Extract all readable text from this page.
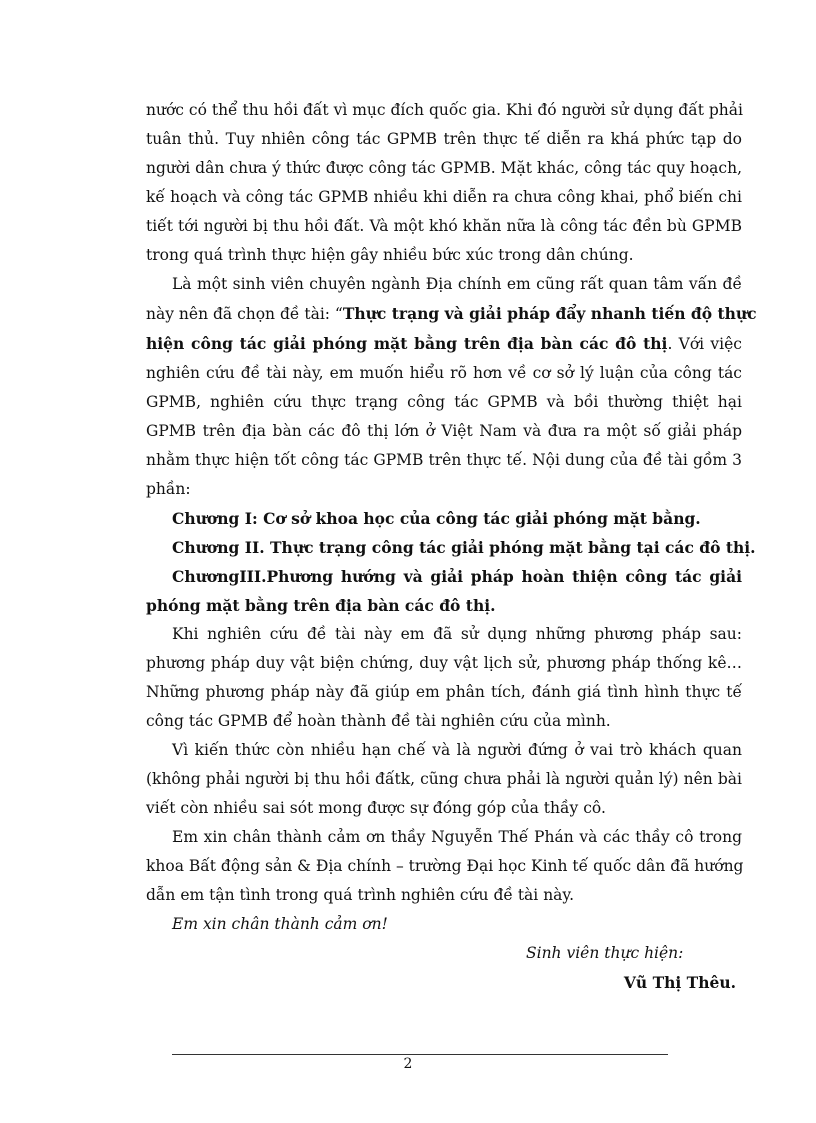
nước có thể thu hồi đất vì mục đích quốc gia. Khi đó người sử dụng đất phải
tuân thủ. Tuy nhiên công tác GPMB trên thực tế diễn ra khá phức tạp do
người dân chưa ý thức được công tác GPMB. Mặt khác, công tác quy hoạch,
kế hoạch và công tác GPMB nhiều khi diễn ra chưa công khai, phổ biến chi
tiết tới người bị thu hồi đất. Và một khó khăn nữa là công tác đền bù GPMB
trong quá trình thực hiện gây nhiều bức xúc trong dân chúng.

Là một sinh viên chuyên ngành Địa chính em cũng rất quan tâm vấn đề
này nên đã chọn đề tài: “Thực trạng và giải pháp đẩy nhanh tiến độ thực
hiện công tác giải phóng mặt bằng trên địa bàn các đô thị. Với việc
nghiên cứu đề tài này, em muốn hiểu rõ hơn về cơ sở lý luận của công tác
GPMB, nghiên cứu thực trạng công tác GPMB và bồi thường thiệt hại
GPMB trên địa bàn các đô thị lớn ở Việt Nam và đưa ra một số giải pháp
nhằm thực hiện tốt công tác GPMB trên thực tế. Nội dung của đề tài gồm 3
phần:

Chương I: Cơ sở khoa học của công tác giải phóng mặt bằng.
Chương II. Thực trạng công tác giải phóng mặt bằng tại các đô thị.
ChươngIII.Phương hướng và giải pháp hoàn thiện công tác giải
phóng mặt bằng trên địa bàn các đô thị.

Khi nghiên cứu đề tài này em đã sử dụng những phương pháp sau:
phương pháp duy vật biện chứng, duy vật lịch sử, phương pháp thống kê…
Những phương pháp này đã giúp em phân tích, đánh giá tình hình thực tế
công tác GPMB để hoàn thành đề tài nghiên cứu của mình.

Vì kiến thức còn nhiều hạn chế và là người đứng ở vai trò khách quan
(không phải người bị thu hồi đấtk, cũng chưa phải là người quản lý) nên bài
viết còn nhiều sai sót mong được sự đóng góp của thầy cô.

Em xin chân thành cảm ơn thầy Nguyễn Thế Phán và các thầy cô trong
khoa Bất động sản & Địa chính – trường Đại học Kinh tế quốc dân đã hướng
dẫn em tận tình trong quá trình nghiên cứu đề tài này.

Em xin chân thành cảm ơn!

Sinh viên thực hiện:
Vũ Thị Thêu.
2
